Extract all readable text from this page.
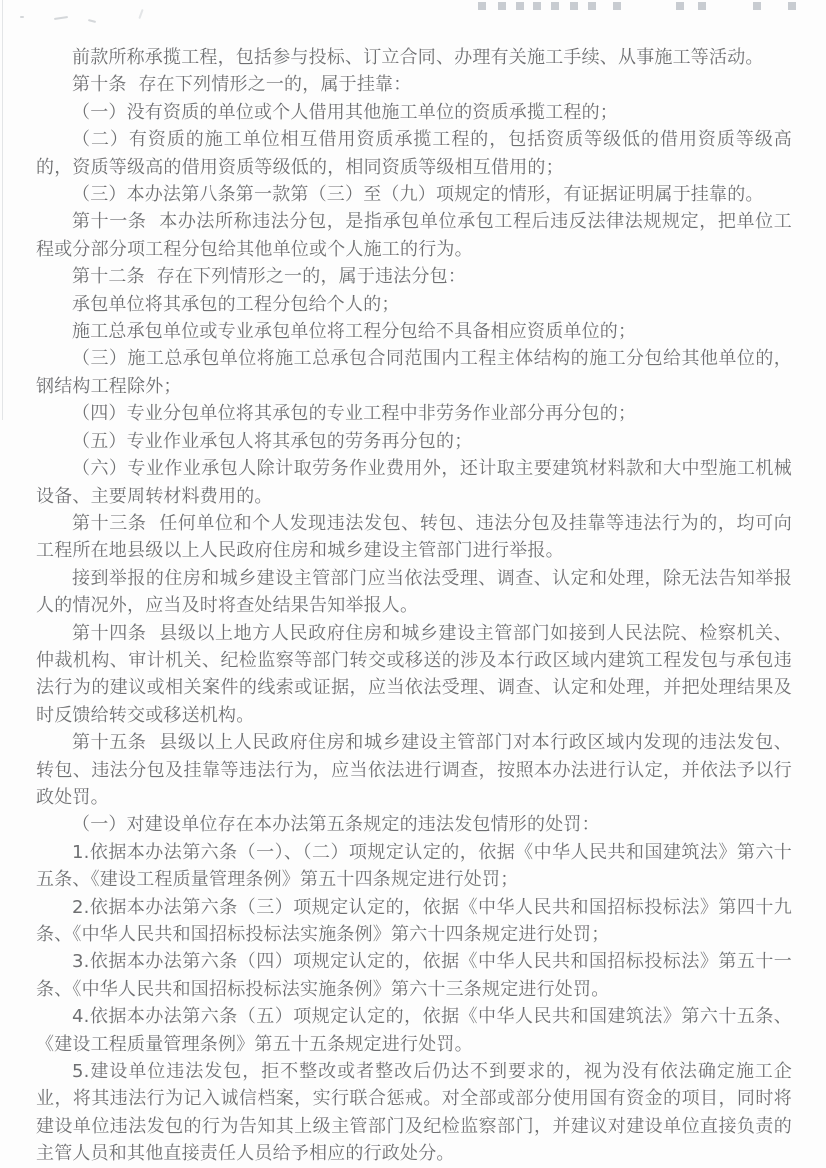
前款所称承揽工程，包括参与投标、订立合同、办理有关施工手续、从事施工等活动。

第十条  存在下列情形之一的，属于挂靠：

（一）没有资质的单位或个人借用其他施工单位的资质承揽工程的；

（二）有资质的施工单位相互借用资质承揽工程的，包括资质等级低的借用资质等级高的，资质等级高的借用资质等级低的，相同资质等级相互借用的；

（三）本办法第八条第一款第（三）至（九）项规定的情形，有证据证明属于挂靠的。

第十一条  本办法所称违法分包，是指承包单位承包工程后违反法律法规规定，把单位工程或分部分项工程分包给其他单位或个人施工的行为。

第十二条  存在下列情形之一的，属于违法分包：

承包单位将其承包的工程分包给个人的；

施工总承包单位或专业承包单位将工程分包给不具备相应资质单位的；

（三）施工总承包单位将施工总承包合同范围内工程主体结构的施工分包给其他单位的，钢结构工程除外；

（四）专业分包单位将其承包的专业工程中非劳务作业部分再分包的；

（五）专业作业承包人将其承包的劳务再分包的；

（六）专业作业承包人除计取劳务作业费用外，还计取主要建筑材料款和大中型施工机械设备、主要周转材料费用的。

第十三条  任何单位和个人发现违法发包、转包、违法分包及挂靠等违法行为的，均可向工程所在地县级以上人民政府住房和城乡建设主管部门进行举报。

接到举报的住房和城乡建设主管部门应当依法受理、调查、认定和处理，除无法告知举报人的情况外，应当及时将查处结果告知举报人。

第十四条  县级以上地方人民政府住房和城乡建设主管部门如接到人民法院、检察机关、仲裁机构、审计机关、纪检监察等部门转交或移送的涉及本行政区域内建筑工程发包与承包违法行为的建议或相关案件的线索或证据，应当依法受理、调查、认定和处理，并把处理结果及时反馈给转交或移送机构。

第十五条  县级以上人民政府住房和城乡建设主管部门对本行政区域内发现的违法发包、转包、违法分包及挂靠等违法行为，应当依法进行调查，按照本办法进行认定，并依法予以行政处罚。

（一）对建设单位存在本办法第五条规定的违法发包情形的处罚：

1.依据本办法第六条（一）、（二）项规定认定的，依据《中华人民共和国建筑法》第六十五条、《建设工程质量管理条例》第五十四条规定进行处罚；

2.依据本办法第六条（三）项规定认定的，依据《中华人民共和国招标投标法》第四十九条、《中华人民共和国招标投标法实施条例》第六十四条规定进行处罚；

3.依据本办法第六条（四）项规定认定的，依据《中华人民共和国招标投标法》第五十一条、《中华人民共和国招标投标法实施条例》第六十三条规定进行处罚。

4.依据本办法第六条（五）项规定认定的，依据《中华人民共和国建筑法》第六十五条、《建设工程质量管理条例》第五十五条规定进行处罚。

5.建设单位违法发包，拒不整改或者整改后仍达不到要求的，视为没有依法确定施工企业，将其违法行为记入诚信档案，实行联合惩戒。对全部或部分使用国有资金的项目，同时将建设单位违法发包的行为告知其上级主管部门及纪检监察部门，并建议对建设单位直接负责的主管人员和其他直接责任人员给予相应的行政处分。
